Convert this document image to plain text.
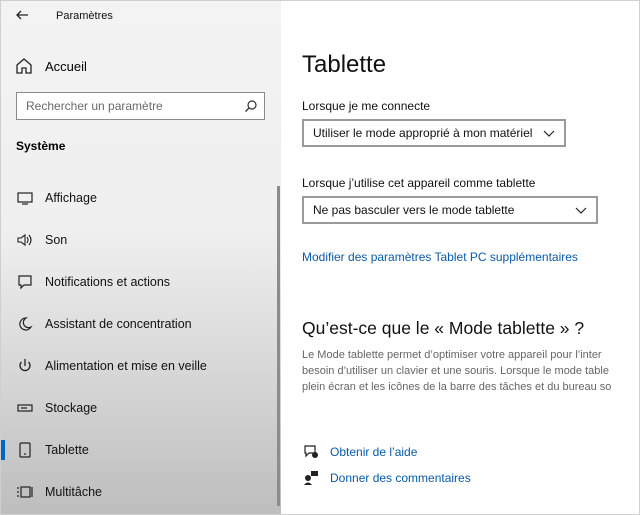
Paramètres
Accueil
Rechercher un paramètre
Système
Affichage
Son
Notifications et actions
Assistant de concentration
Alimentation et mise en veille
Stockage
Tablette
Multitâche
Tablette
Lorsque je me connecte
Utiliser le mode approprié à mon matériel
Lorsque j’utilise cet appareil comme tablette
Ne pas basculer vers le mode tablette
Modifier des paramètres Tablet PC supplémentaires
Qu’est-ce que le « Mode tablette » ?
Le Mode tablette permet d’optimiser votre appareil pour l’inter
besoin d’utiliser un clavier et une souris. Lorsque le mode table
plein écran et les icônes de la barre des tâches et du bureau so
Obtenir de l’aide
Donner des commentaires
